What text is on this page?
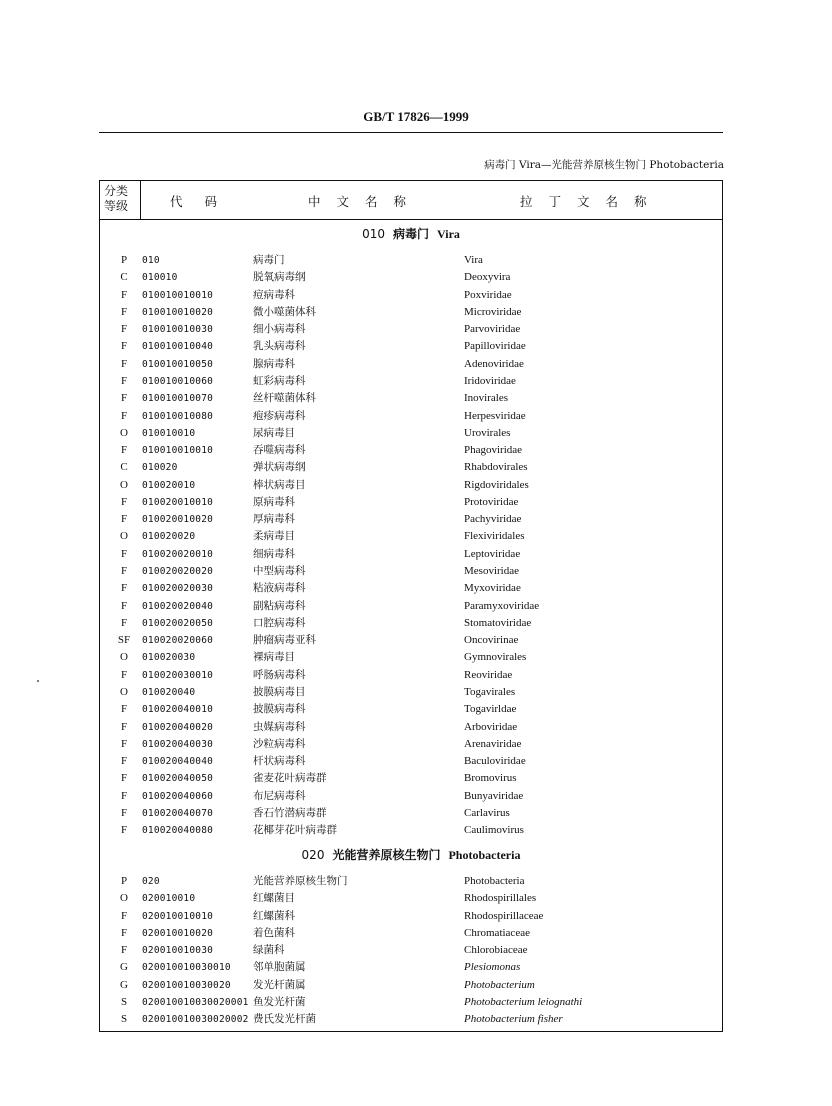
GB/T 17826—1999
病毒门 Vira—光能营养原核生物门 Photobacteria
分类
等级	代码	中文名称	拉丁文名称
010 病毒门 Vira
P	010	病毒门	Vira
C	010010	脱氧病毒纲	Deoxyvira
F	010010010010	痘病毒科	Poxviridae
F	010010010020	微小噬菌体科	Microviridae
F	010010010030	细小病毒科	Parvoviridae
F	010010010040	乳头病毒科	Papilloviridae
F	010010010050	腺病毒科	Adenoviridae
F	010010010060	虹彩病毒科	Iridoviridae
F	010010010070	丝杆噬菌体科	Inovirales
F	010010010080	疱疹病毒科	Herpesviridae
O	010010010	尿病毒目	Urovirales
F	010010010010	吞噬病毒科	Phagoviridae
C	010020	弹状病毒纲	Rhabdovirales
O	010020010	棒状病毒目	Rigdoviridales
F	010020010010	原病毒科	Protoviridae
F	010020010020	厚病毒科	Pachyviridae
O	010020020	柔病毒目	Flexiviridales
F	010020020010	细病毒科	Leptoviridae
F	010020020020	中型病毒科	Mesoviridae
F	010020020030	粘液病毒科	Myxoviridae
F	010020020040	副粘病毒科	Paramyxoviridae
F	010020020050	口腔病毒科	Stomatoviridae
SF	010020020060	肿瘤病毒亚科	Oncovirinae
O	010020030	裸病毒目	Gymnovirales
F	010020030010	呼肠病毒科	Reoviridae
O	010020040	披膜病毒目	Togavirales
F	010020040010	披膜病毒科	Togavirldae
F	010020040020	虫媒病毒科	Arboviridae
F	010020040030	沙粒病毒科	Arenaviridae
F	010020040040	杆状病毒科	Baculoviridae
F	010020040050	雀麦花叶病毒群	Bromovirus
F	010020040060	布尼病毒科	Bunyaviridae
F	010020040070	香石竹潜病毒群	Carlavirus
F	010020040080	花椰芽花叶病毒群	Caulimovirus
020 光能营养原核生物门 Photobacteria
P	020	光能营养原核生物门	Photobacteria
O	020010010	红螺菌目	Rhodospirillales
F	020010010010	红螺菌科	Rhodospirillaceae
F	020010010020	着色菌科	Chromatiaceae
F	020010010030	绿菌科	Chlorobiaceae
G	020010010030010 邻单胞菌属	Plesiomonas
G	020010010030020 发光杆菌属	Photobacterium
S	020010010030020001 鱼发光杆菌	Photobacterium leiognathi
S	020010010030020002 费氏发光杆菌	Photobacterium fisher
